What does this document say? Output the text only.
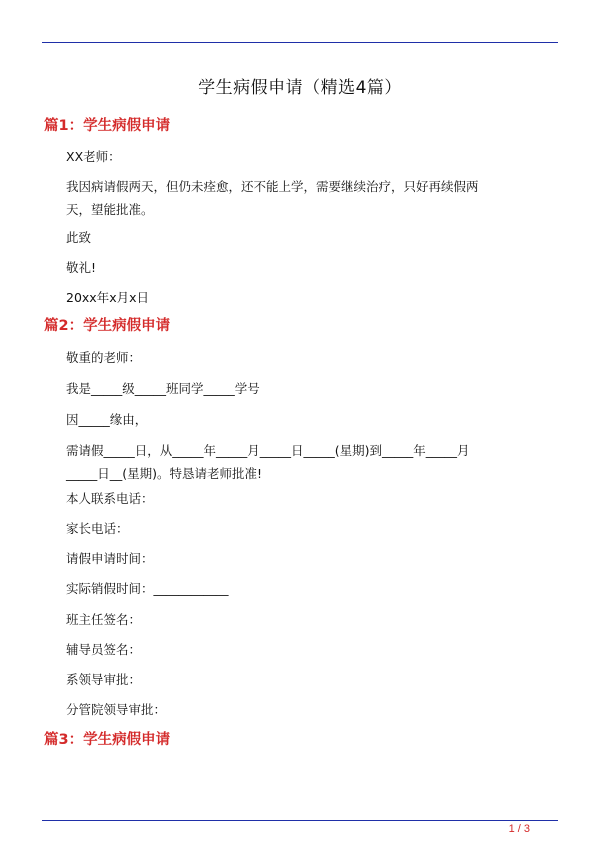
学生病假申请（精选4篇）
篇1：学生病假申请
XX老师：
我因病请假两天，但仍未痊愈，还不能上学，需要继续治疗，只好再续假两天，望能批准。
此致
敬礼!
20xx年x月x日
篇2：学生病假申请
敬重的老师：
我是_____级_____班同学_____学号
因_____缘由，
需请假_____日，从_____年_____月_____日_____(星期)到_____年_____月_____日__(星期)。特恳请老师批准!
本人联系电话：
家长电话：
请假申请时间：
实际销假时间：____________
班主任签名：
辅导员签名：
系领导审批：
分管院领导审批：
篇3：学生病假申请
1 / 3
